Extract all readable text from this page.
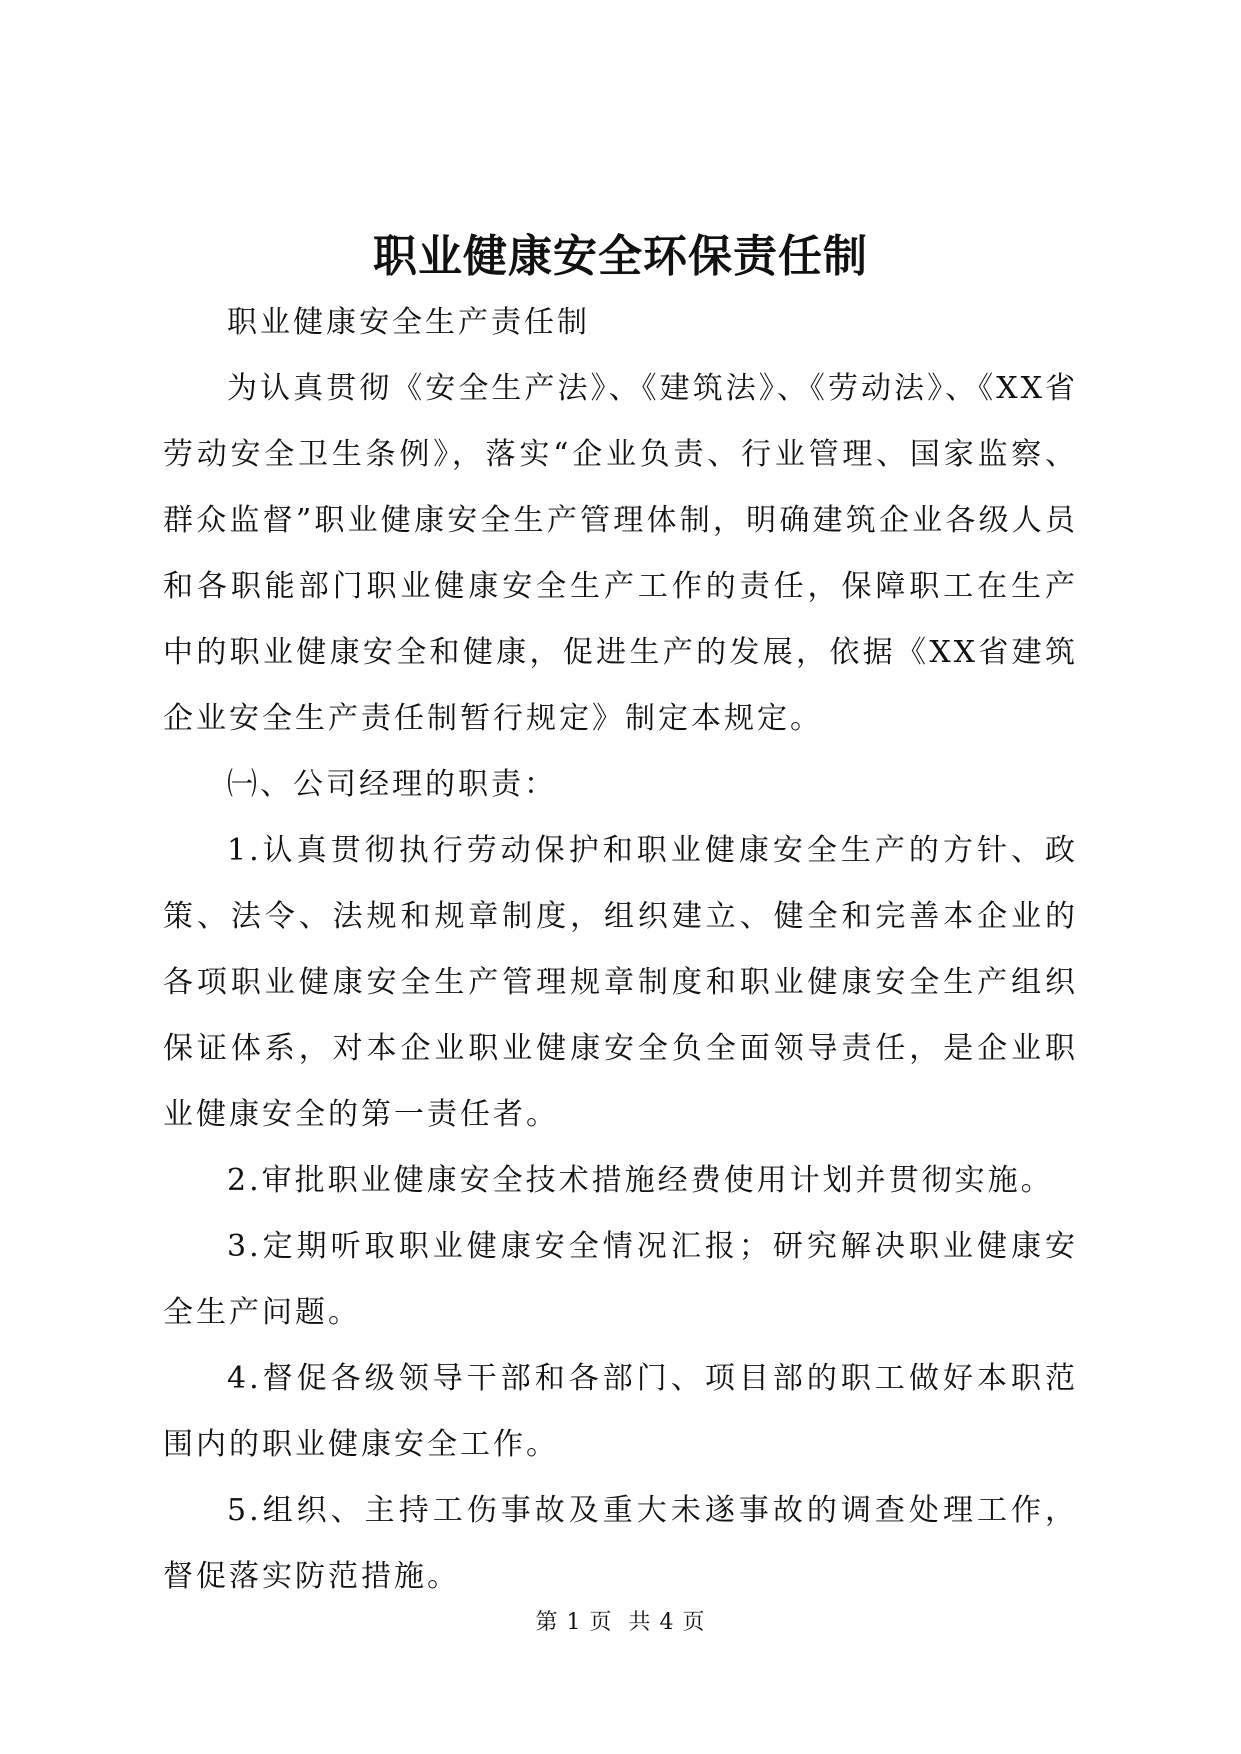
职业健康安全环保责任制

职业健康安全生产责任制

为认真贯彻《安全生产法》、《建筑法》、《劳动法》、《XX省劳动安全卫生条例》，落实“企业负责、行业管理、国家监察、群众监督”职业健康安全生产管理体制，明确建筑企业各级人员和各职能部门职业健康安全生产工作的责任，保障职工在生产中的职业健康安全和健康，促进生产的发展，依据《XX省建筑企业安全生产责任制暂行规定》制定本规定。

㈠、公司经理的职责：

1.认真贯彻执行劳动保护和职业健康安全生产的方针、政策、法令、法规和规章制度，组织建立、健全和完善本企业的各项职业健康安全生产管理规章制度和职业健康安全生产组织保证体系，对本企业职业健康安全负全面领导责任，是企业职业健康安全的第一责任者。

2.审批职业健康安全技术措施经费使用计划并贯彻实施。

3.定期听取职业健康安全情况汇报；研究解决职业健康安全生产问题。

4.督促各级领导干部和各部门、项目部的职工做好本职范围内的职业健康安全工作。

5.组织、主持工伤事故及重大未遂事故的调查处理工作，督促落实防范措施。

第 1 页  共 4 页
